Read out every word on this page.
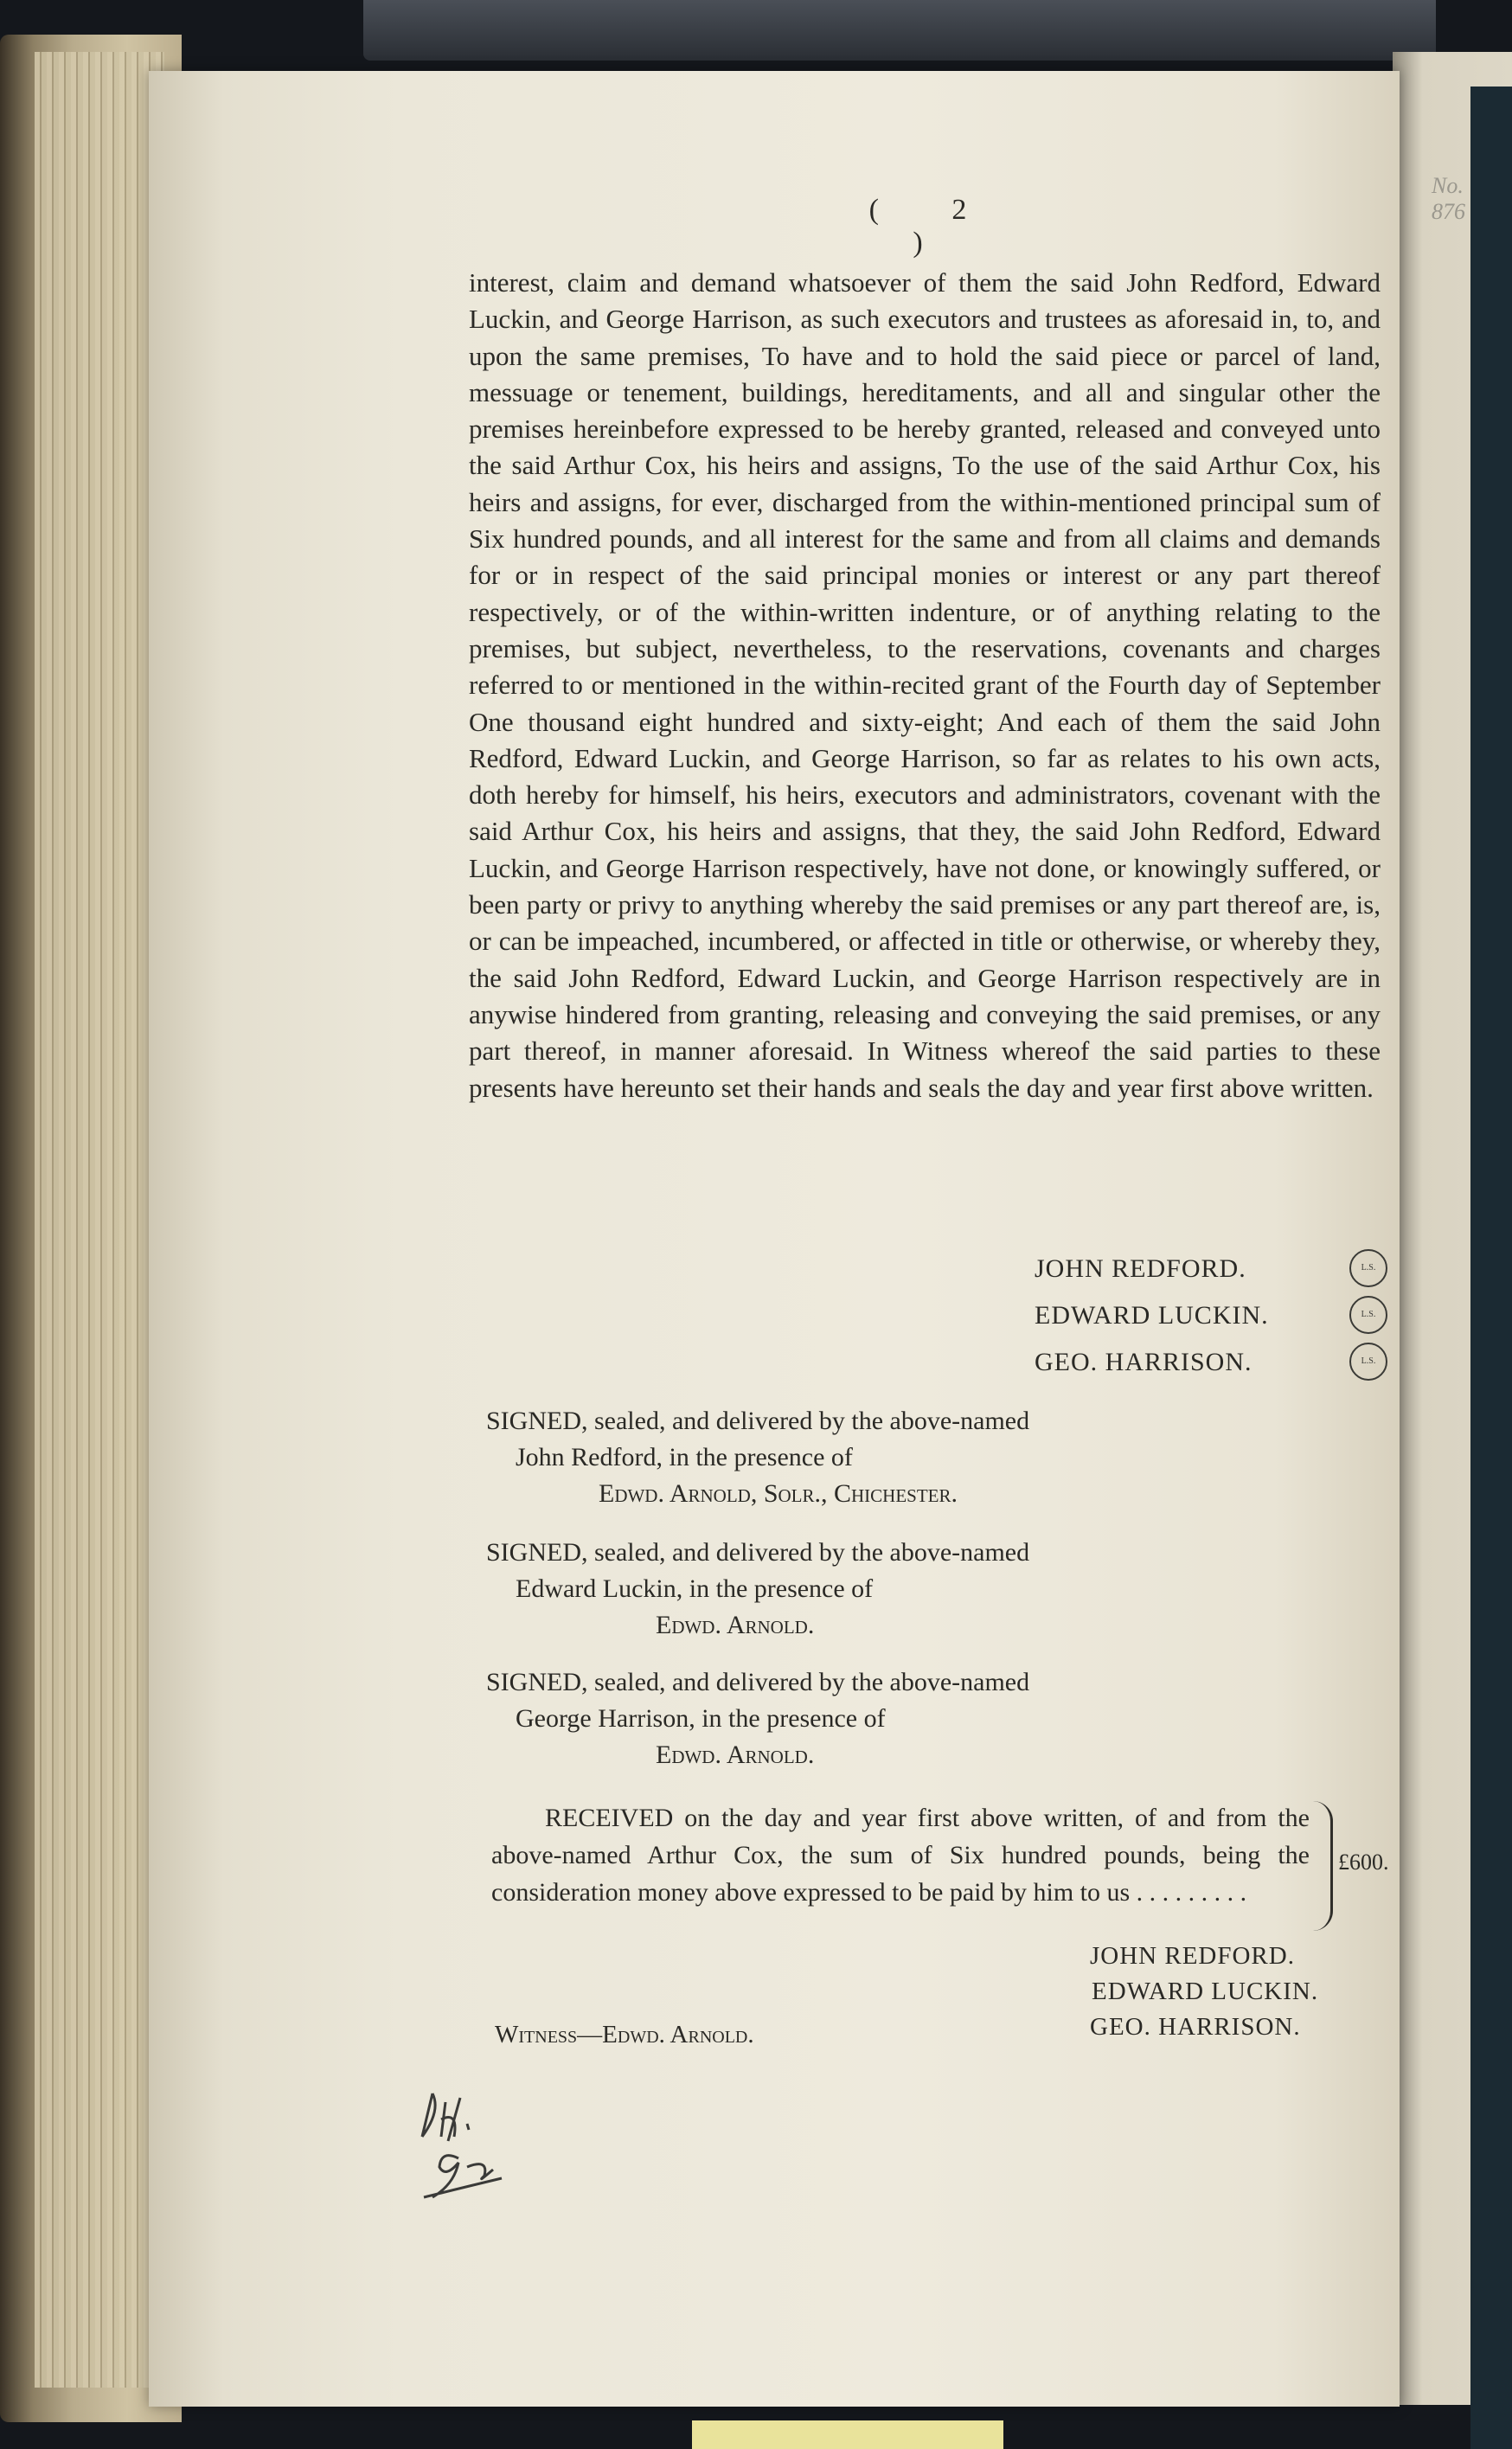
No. 876
( 2 )
interest, claim and demand whatsoever of them the said John Redford, Edward Luckin, and George Harrison, as such executors and trustees as aforesaid in, to, and upon the same premises, To have and to hold the said piece or parcel of land, messuage or tenement, buildings, hereditaments, and all and singular other the premises hereinbefore expressed to be hereby granted, released and conveyed unto the said Arthur Cox, his heirs and assigns, To the use of the said Arthur Cox, his heirs and assigns, for ever, discharged from the within-mentioned principal sum of Six hundred pounds, and all interest for the same and from all claims and demands for or in respect of the said principal monies or interest or any part thereof respectively, or of the within-written indenture, or of anything relating to the premises, but subject, nevertheless, to the reservations, covenants and charges referred to or mentioned in the within-recited grant of the Fourth day of September One thousand eight hundred and sixty-eight; And each of them the said John Redford, Edward Luckin, and George Harrison, so far as relates to his own acts, doth hereby for himself, his heirs, executors and administrators, covenant with the said Arthur Cox, his heirs and assigns, that they, the said John Redford, Edward Luckin, and George Harrison respectively, have not done, or knowingly suffered, or been party or privy to anything whereby the said premises or any part thereof are, is, or can be impeached, incumbered, or affected in title or otherwise, or whereby they, the said John Redford, Edward Luckin, and George Harrison respectively are in anywise hindered from granting, releasing and conveying the said premises, or any part thereof, in manner aforesaid. In Witness whereof the said parties to these presents have hereunto set their hands and seals the day and year first above written.
JOHN REDFORD.	L.S.
EDWARD LUCKIN.	L.S.
GEO. HARRISON.	L.S.
SIGNED, sealed, and delivered by the above-named
John Redford, in the presence of
Edwd. Arnold, Solr., Chichester.
SIGNED, sealed, and delivered by the above-named
Edward Luckin, in the presence of
Edwd. Arnold.
SIGNED, sealed, and delivered by the above-named
George Harrison, in the presence of
Edwd. Arnold.
RECEIVED on the day and year first above written, of and from the above-named Arthur Cox, the sum of Six hundred pounds, being the consideration money above expressed to be paid by him to us . . . . . . . . .
£600.
JOHN REDFORD.
EDWARD LUCKIN.
GEO. HARRISON.
Witness—Edwd. Arnold.
